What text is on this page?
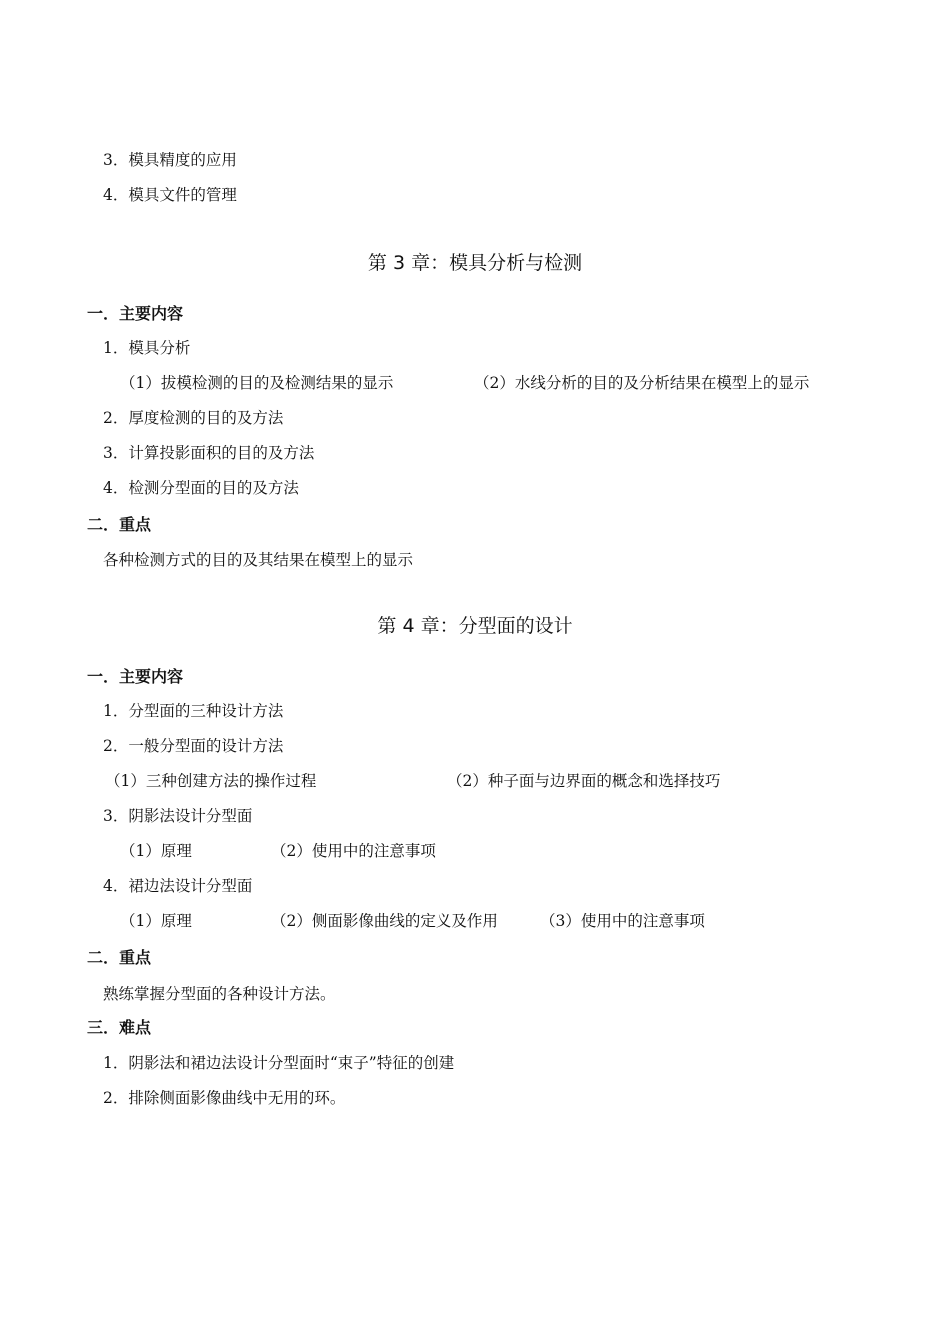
3．模具精度的应用
4．模具文件的管理
第 3 章：模具分析与检测
一．主要内容
1．模具分析
（1）拔模检测的目的及检测结果的显示	（2）水线分析的目的及分析结果在模型上的显示
2．厚度检测的目的及方法
3．计算投影面积的目的及方法
4．检测分型面的目的及方法
二．重点
各种检测方式的目的及其结果在模型上的显示
第 4 章：分型面的设计
一．主要内容
1．分型面的三种设计方法
2．一般分型面的设计方法
（1）三种创建方法的操作过程	（2）种子面与边界面的概念和选择技巧
3．阴影法设计分型面
（1）原理	（2）使用中的注意事项
4．裙边法设计分型面
（1）原理	（2）侧面影像曲线的定义及作用	（3）使用中的注意事项
二．重点
熟练掌握分型面的各种设计方法。
三．难点
1．阴影法和裙边法设计分型面时“束子”特征的创建
2．排除侧面影像曲线中无用的环。
